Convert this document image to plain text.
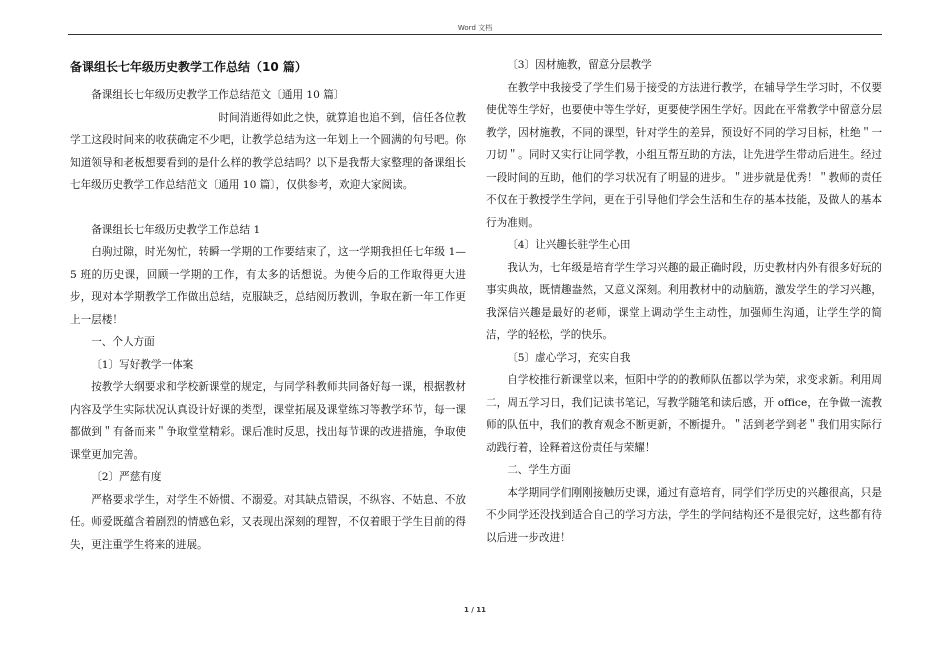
Word 文档
备课组长七年级历史教学工作总结（10 篇）

备课组长七年级历史教学工作总结范文〔通用 10 篇〕

时间消逝得如此之快，就算追也追不到，信任各位教学工这段时间来的收获确定不少吧，让教学总结为这一年划上一个圆满的句号吧。你知道领导和老板想要看到的是什么样的教学总结吗？以下是我帮大家整理的备课组长七年级历史教学工作总结范文〔通用 10 篇〕，仅供参考，欢迎大家阅读。

备课组长七年级历史教学工作总结 1

白驹过隙，时光匆忙，转瞬一学期的工作要结束了，这一学期我担任七年级 1—5 班的历史课，回顾一学期的工作，有太多的话想说。为使今后的工作取得更大进步，现对本学期教学工作做出总结，克服缺乏，总结阅历教训，争取在新一年工作更上一层楼！

一、个人方面

〔1〕写好教学一体案

按教学大纲要求和学校新课堂的规定，与同学科教师共同备好每一课，根据教材内容及学生实际状况认真设计好课的类型，课堂拓展及课堂练习等教学环节，每一课都做到＂有备而来＂争取堂堂精彩。课后准时反思，找出每节课的改进措施，争取使课堂更加完善。

〔2〕严慈有度

严格要求学生，对学生不娇惯、不溺爱。对其缺点错误，不纵容、不姑息、不放任。师爱既蕴含着剧烈的情感色彩，又表现出深刻的理智，不仅着眼于学生目前的得失，更注重学生将来的进展。

〔3〕因材施教，留意分层教学

在教学中我接受了学生们易于接受的方法进行教学，在辅导学生学习时，不仅要使优等生学好，也要使中等生学好，更要使学困生学好。因此在平常教学中留意分层教学，因材施教，不同的课型，针对学生的差异，预设好不同的学习目标，杜绝＂一刀切＂。同时又实行让同学教，小组互帮互助的方法，让先进学生带动后进生。经过一段时间的互助，他们的学习状况有了明显的进步。＂进步就是优秀！＂教师的责任不仅在于教授学生学问，更在于引导他们学会生活和生存的基本技能，及做人的基本行为准则。

〔4〕让兴趣长驻学生心田

我认为，七年级是培育学生学习兴趣的最正确时段，历史教材内外有很多好玩的事实典故，既情趣盎然，又意义深刻。利用教材中的动脑筋，激发学生的学习兴趣，我深信兴趣是最好的老师，课堂上调动学生主动性，加强师生沟通，让学生学的简洁，学的轻松，学的快乐。

〔5〕虚心学习，充实自我

自学校推行新课堂以来，恒阳中学的的教师队伍都以学为荣，求变求新。利用周二，周五学习日，我们记读书笔记，写教学随笔和读后感，开 office，在争做一流教师的队伍中，我们的教育观念不断更新，不断提升。＂活到老学到老＂我们用实际行动践行着，诠释着这份责任与荣耀！

二、学生方面

本学期同学们刚刚接触历史课，通过有意培育，同学们学历史的兴趣很高，只是不少同学还没找到适合自己的学习方法，学生的学问结构还不是很完好，这些都有待以后进一步改进！

1 / 11
